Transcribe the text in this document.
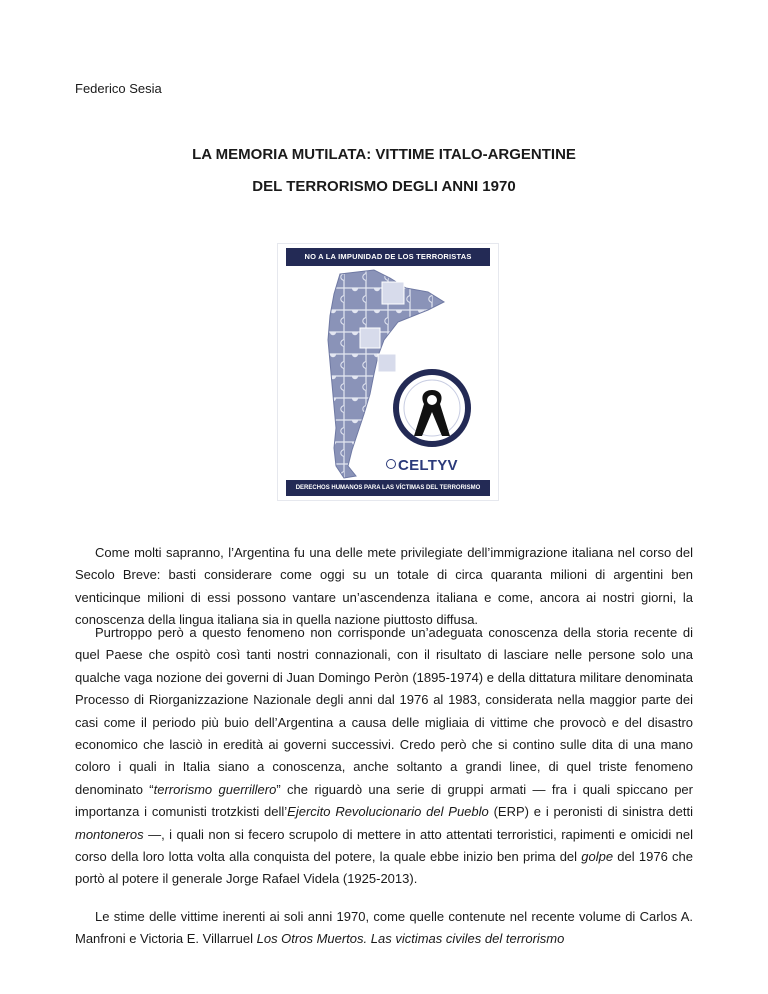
Federico Sesia

LA MEMORIA MUTILATA: VITTIME ITALO-ARGENTINE
DEL TERRORISMO DEGLI ANNI 1970
NO A LA IMPUNIDAD DE LOS TERRORISTAS
CELTYV
DERECHOS HUMANOS PARA LAS VÍCTIMAS DEL TERRORISMO

Come molti sapranno, l’Argentina fu una delle mete privilegiate dell’immigrazione italiana nel corso del Secolo Breve: basti considerare come oggi su un totale di circa quaranta milioni di argentini ben venticinque milioni di essi possono vantare un’ascendenza italiana e come, ancora ai nostri giorni, la conoscenza della lingua italiana sia in quella nazione piuttosto diffusa.

Purtroppo però a questo fenomeno non corrisponde un’adeguata conoscenza della storia recente di quel Paese che ospitò così tanti nostri connazionali, con il risultato di lasciare nelle persone solo una qualche vaga nozione dei governi di Juan Domingo Peròn (1895-1974) e della dittatura militare denominata Processo di Riorganizzazione Nazionale degli anni dal 1976 al 1983, considerata nella maggior parte dei casi come il periodo più buio dell’Argentina a causa delle migliaia di vittime che provocò e del disastro economico che lasciò in eredità ai governi successivi. Credo però che si contino sulle dita di una mano coloro i quali in Italia siano a conoscenza, anche soltanto a grandi linee, di quel triste fenomeno denominato “terrorismo guerrillero” che riguardò una serie di gruppi armati — fra i quali spiccano per importanza i comunisti trotzkisti dell’Ejercito Revolucionario del Pueblo (ERP) e i peronisti di sinistra detti montoneros —, i quali non si fecero scrupolo di mettere in atto attentati terroristici, rapimenti e omicidi nel corso della loro lotta volta alla conquista del potere, la quale ebbe inizio ben prima del golpe del 1976 che portò al potere il generale Jorge Rafael Videla (1925-2013).

Le stime delle vittime inerenti ai soli anni 1970, come quelle contenute nel recente volume di Carlos A. Manfroni e Victoria E. Villarruel Los Otros Muertos. Las victimas civiles del terrorismo
